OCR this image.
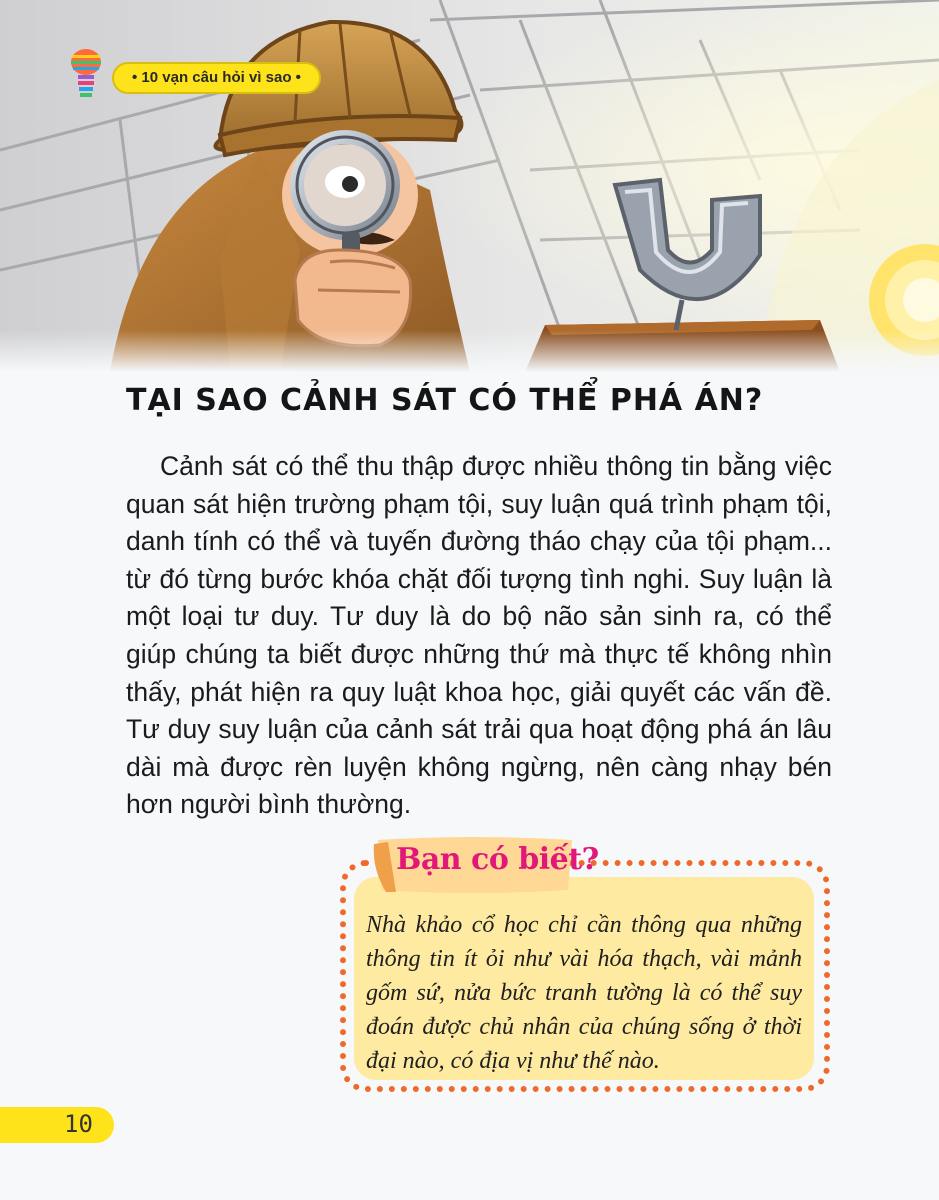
• 10 vạn câu hỏi vì sao •
TẠI SAO CẢNH SÁT CÓ THỂ PHÁ ÁN?

Cảnh sát có thể thu thập được nhiều thông tin bằng việc quan sát hiện trường phạm tội, suy luận quá trình phạm tội, danh tính có thể và tuyến đường tháo chạy của tội phạm... từ đó từng bước khóa chặt đối tượng tình nghi. Suy luận là một loại tư duy. Tư duy là do bộ não sản sinh ra, có thể giúp chúng ta biết được những thứ mà thực tế không nhìn thấy, phát hiện ra quy luật khoa học, giải quyết các vấn đề. Tư duy suy luận của cảnh sát trải qua hoạt động phá án lâu dài mà được rèn luyện không ngừng, nên càng nhạy bén hơn người bình thường.

Bạn có biết?

Nhà khảo cổ học chỉ cần thông qua những thông tin ít ỏi như vài hóa thạch, vài mảnh gốm sứ, nửa bức tranh tường là có thể suy đoán được chủ nhân của chúng sống ở thời đại nào, có địa vị như thế nào.

10
